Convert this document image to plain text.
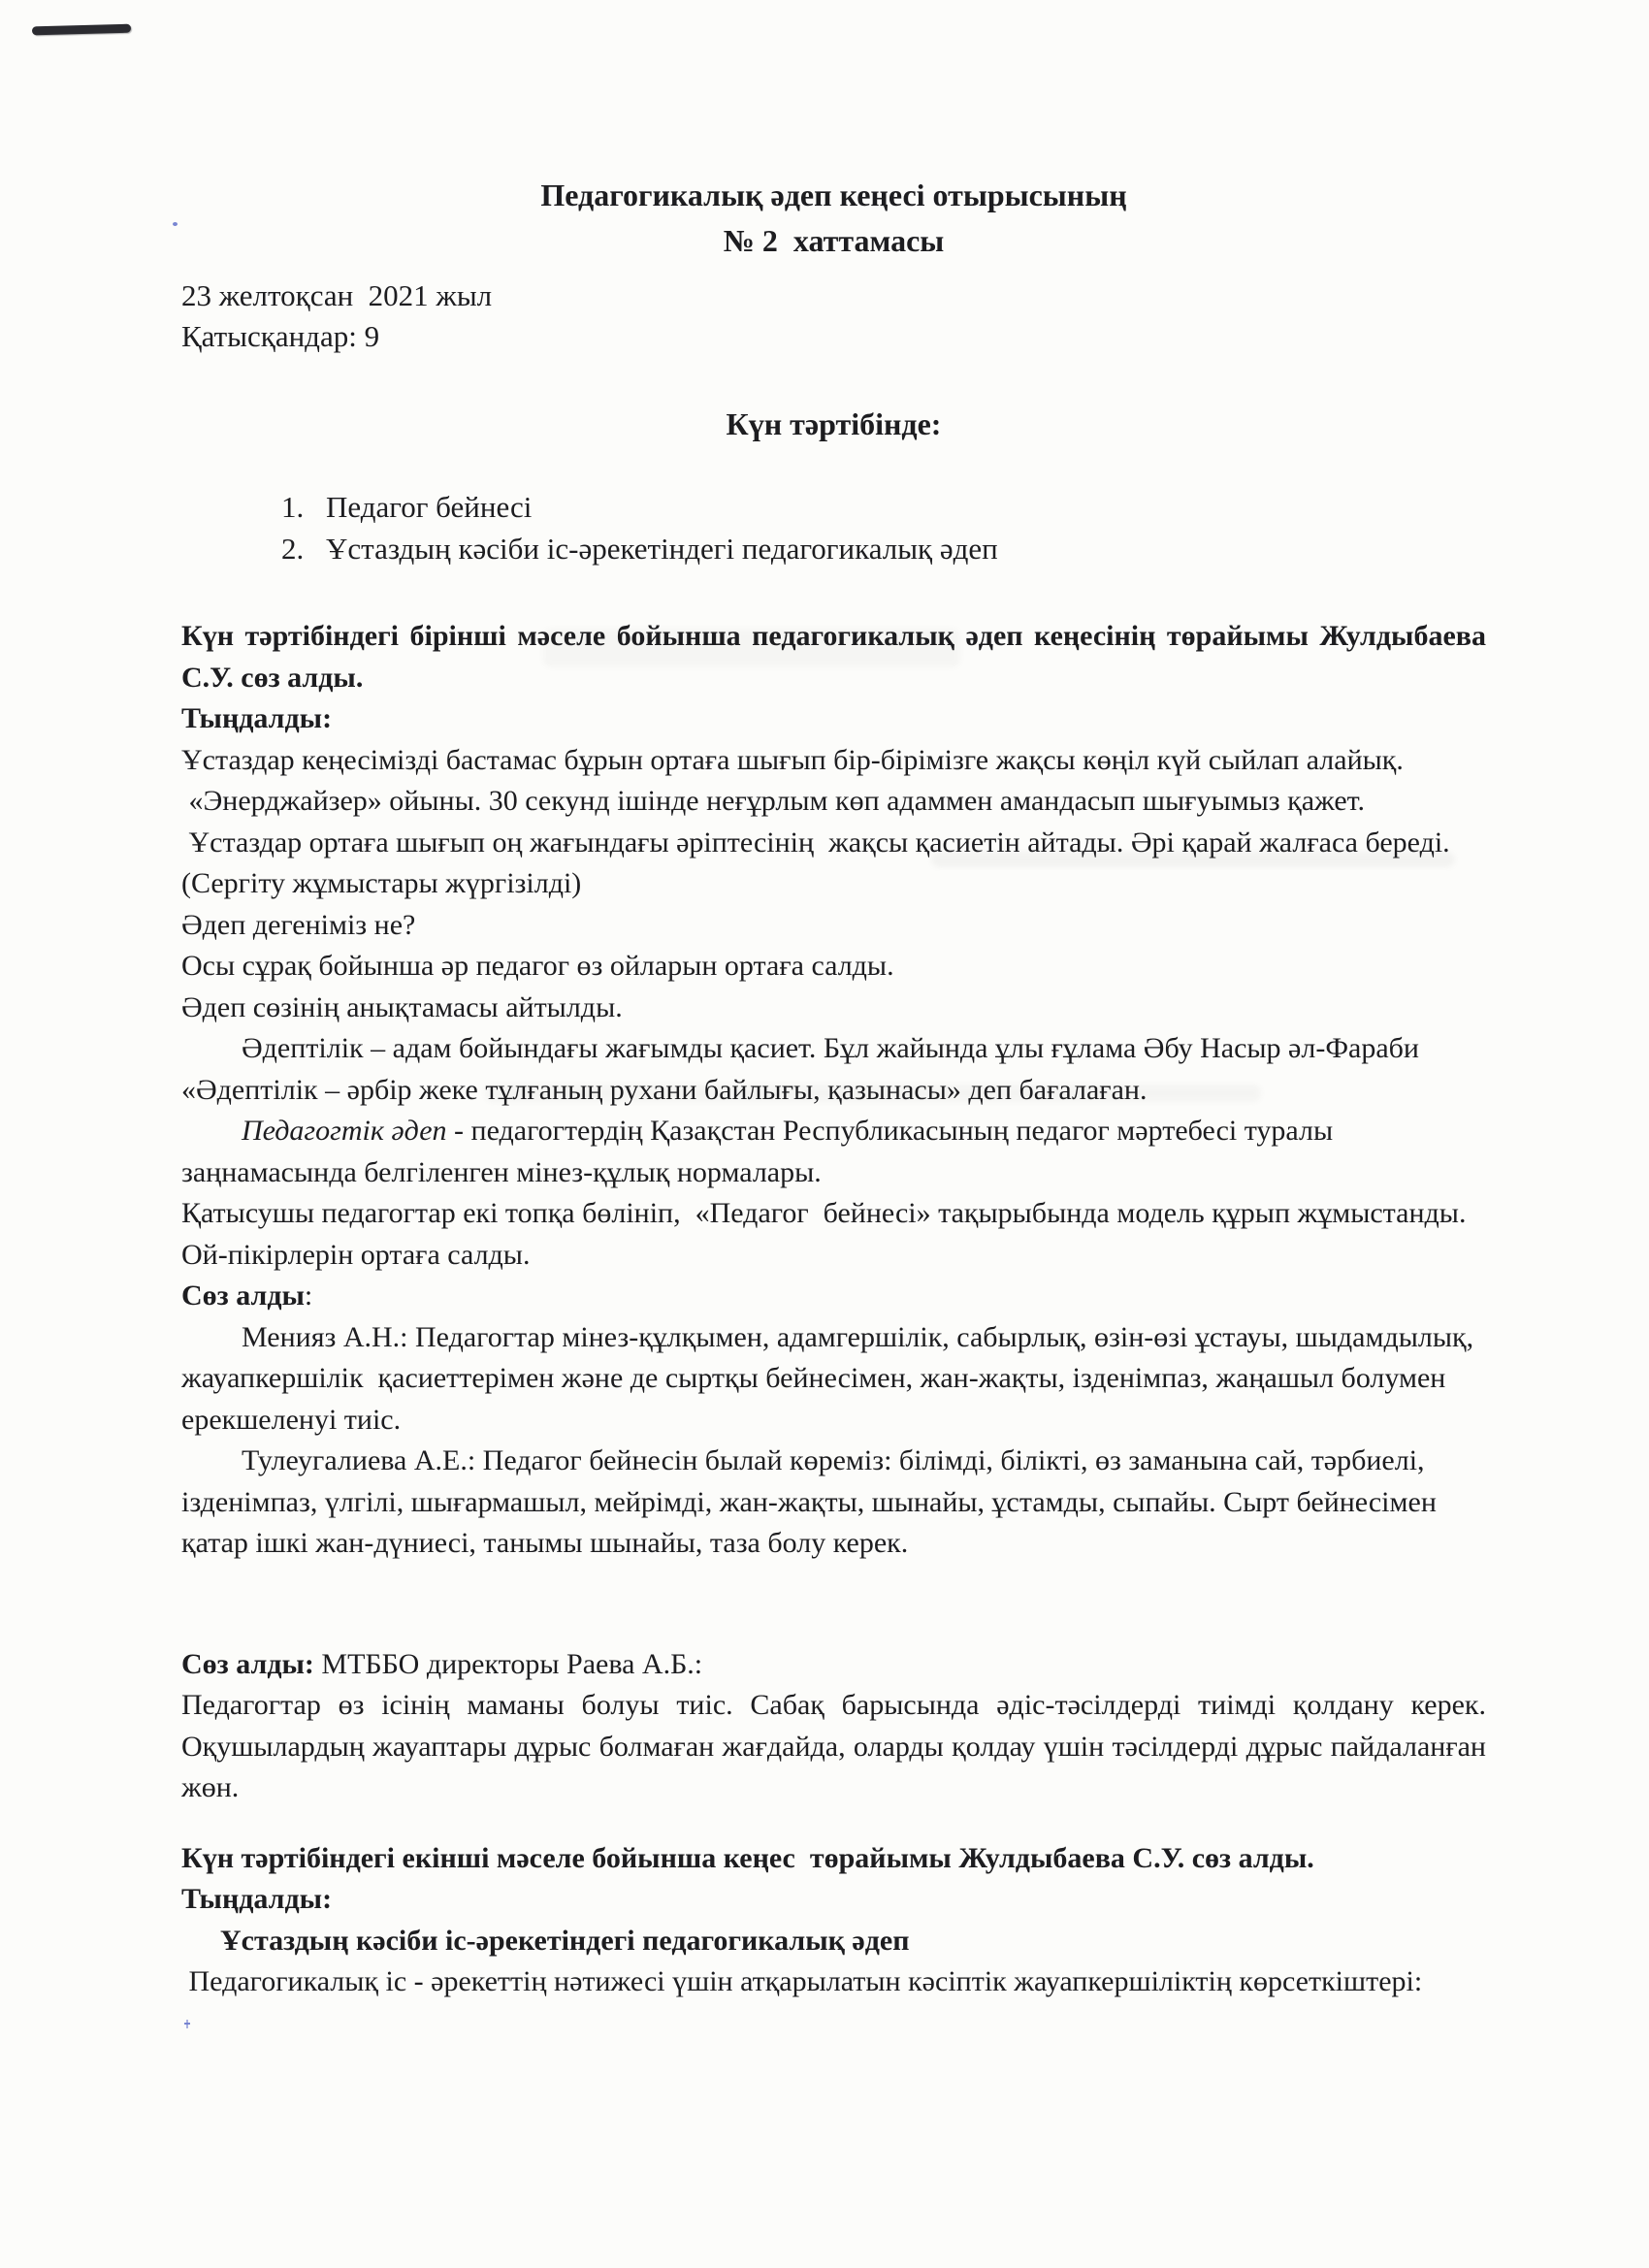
Педагогикалық әдеп кеңесі отырысының
№ 2  хаттамасы
23 желтоқсан  2021 жыл
Қатысқандар: 9
Күн тәртібінде:
1. Педагог бейнесі
2. Ұстаздың кәсіби іс-әрекетіндегі педагогикалық әдеп

Күн тәртібіндегі бірінші мәселе бойынша педагогикалық әдеп кеңесінің төрайымы Жулдыбаева С.У. сөз алды.

Тыңдалды:

Ұстаздар кеңесімізді бастамас бұрын ортаға шығып бір-бірімізге жақсы көңіл күй сыйлап алайық.

«Энерджайзер» ойыны. 30 секунд ішінде неғұрлым көп адаммен амандасып шығуымыз қажет.

Ұстаздар ортаға шығып оң жағындағы әріптесінің  жақсы қасиетін айтады. Әрі қарай жалғаса береді. (Сергіту жұмыстары жүргізілді)

Әдеп дегеніміз не?

Осы сұрақ бойынша әр педагог өз ойларын ортаға салды.

Әдеп сөзінің анықтамасы айтылды.

Әдептілік – адам бойындағы жағымды қасиет. Бұл жайында ұлы ғұлама Әбу Насыр әл-Фараби «Әдептілік – әрбір жеке тұлғаның рухани байлығы, қазынасы» деп бағалаған.

Педагогтік әдеп - педагогтердің Қазақстан Республикасының педагог мәртебесі туралы заңнамасында белгіленген мінез-құлық нормалары.

Қатысушы педагогтар екі топқа бөлініп,  «Педагог  бейнесі» тақырыбында модель құрып жұмыстанды. Ой-пікірлерін ортаға салды.

Сөз алды:

Менияз А.Н.: Педагогтар мінез-құлқымен, адамгершілік, сабырлық, өзін-өзі ұстауы, шыдамдылық, жауапкершілік  қасиеттерімен және де сыртқы бейнесімен, жан-жақты, ізденімпаз, жаңашыл болумен ерекшеленуі тиіс.

Тулеугалиева А.Е.: Педагог бейнесін былай көреміз: білімді, білікті, өз заманына сай, тәрбиелі, ізденімпаз, үлгілі, шығармашыл, мейрімді, жан-жақты, шынайы, ұстамды, сыпайы. Сырт бейнесімен қатар ішкі жан-дүниесі, танымы шынайы, таза болу керек.

Сөз алды: МТББО директоры Раева А.Б.:

Педагогтар өз ісінің маманы болуы тиіс. Сабақ барысында әдіс-тәсілдерді тиімді қолдану керек. Оқушылардың жауаптары дұрыс болмаған жағдайда, оларды қолдау үшін тәсілдерді дұрыс пайдаланған жөн.

Күн тәртібіндегі екінші мәселе бойынша кеңес  төрайымы Жулдыбаева С.У. сөз алды.

Тыңдалды:

Ұстаздың кәсіби іс-әрекетіндегі педагогикалық әдеп

Педагогикалық іс - әрекеттің нәтижесі үшін атқарылатын кәсіптік жауапкершіліктің көрсеткіштері:
